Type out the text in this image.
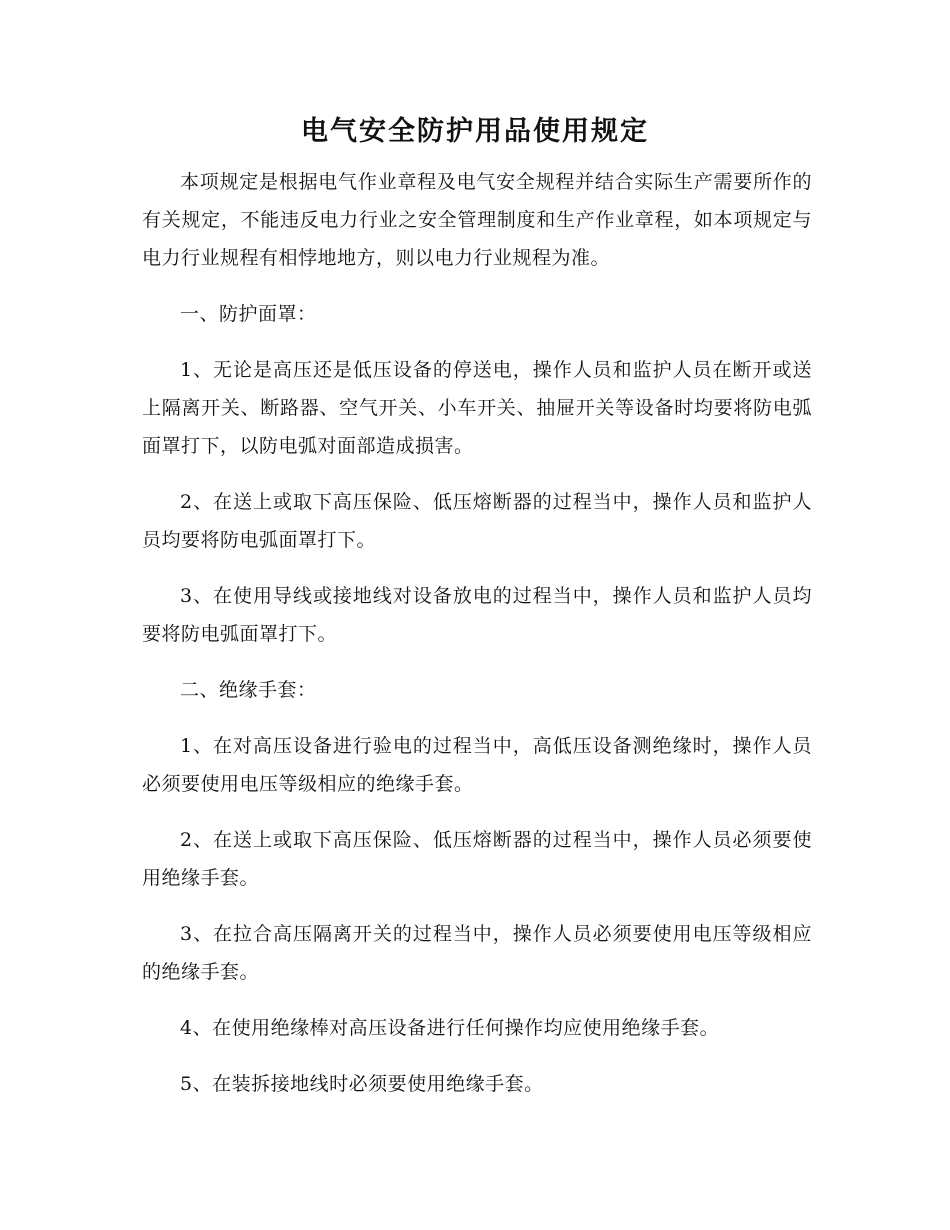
电气安全防护用品使用规定

本项规定是根据电气作业章程及电气安全规程并结合实际生产需要所作的有关规定，不能违反电力行业之安全管理制度和生产作业章程，如本项规定与电力行业规程有相悖地地方，则以电力行业规程为准。

一、防护面罩：

1、无论是高压还是低压设备的停送电，操作人员和监护人员在断开或送上隔离开关、断路器、空气开关、小车开关、抽屉开关等设备时均要将防电弧面罩打下，以防电弧对面部造成损害。

2、在送上或取下高压保险、低压熔断器的过程当中，操作人员和监护人员均要将防电弧面罩打下。

3、在使用导线或接地线对设备放电的过程当中，操作人员和监护人员均要将防电弧面罩打下。

二、绝缘手套：

1、在对高压设备进行验电的过程当中，高低压设备测绝缘时，操作人员必须要使用电压等级相应的绝缘手套。

2、在送上或取下高压保险、低压熔断器的过程当中，操作人员必须要使用绝缘手套。

3、在拉合高压隔离开关的过程当中，操作人员必须要使用电压等级相应的绝缘手套。

4、在使用绝缘棒对高压设备进行任何操作均应使用绝缘手套。

5、在装拆接地线时必须要使用绝缘手套。
